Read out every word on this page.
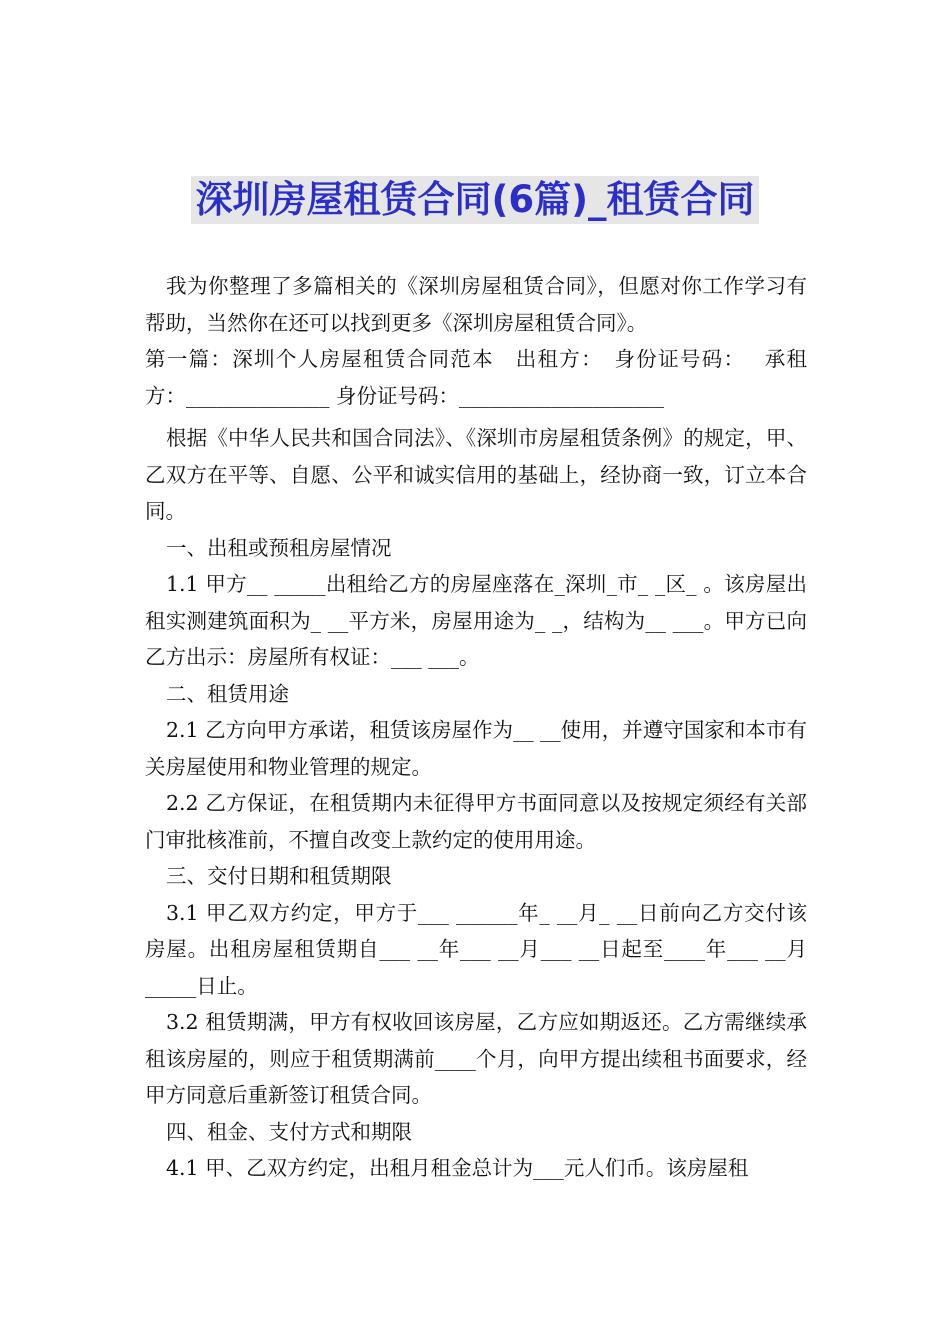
深圳房屋租赁合同(6篇)_租赁合同

我为你整理了多篇相关的《深圳房屋租赁合同》，但愿对你工作学习有帮助，当然你在还可以找到更多《深圳房屋租赁合同》。

第一篇：深圳个人房屋租赁合同范本　出租方：　身份证号码：　 承租方：______________ 身份证号码：____________________

根据《中华人民共和国合同法》、《深圳市房屋租赁条例》的规定，甲、乙双方在平等、自愿、公平和诚实信用的基础上，经协商一致，订立本合同。

一、出租或预租房屋情况

1.1 甲方__ _____出租给乙方的房屋座落在_深圳_市_ _区_ 。该房屋出租实测建筑面积为_ __平方米，房屋用途为_ _，结构为__ ___。甲方已向乙方出示：房屋所有权证：___ ___。

二、租赁用途

2.1 乙方向甲方承诺，租赁该房屋作为__ __使用，并遵守国家和本市有关房屋使用和物业管理的规定。

2.2 乙方保证，在租赁期内未征得甲方书面同意以及按规定须经有关部门审批核准前，不擅自改变上款约定的使用用途。

三、交付日期和租赁期限

3.1 甲乙双方约定，甲方于___ ______年_ __月_ __日前向乙方交付该房屋。出租房屋租赁期自___ __年___ __月___ __日起至____年___ __月_____日止。

3.2 租赁期满，甲方有权收回该房屋，乙方应如期返还。乙方需继续承租该房屋的，则应于租赁期满前____个月，向甲方提出续租书面要求，经甲方同意后重新签订租赁合同。

四、租金、支付方式和期限

4.1 甲、乙双方约定，出租月租金总计为___元人们币。该房屋租
